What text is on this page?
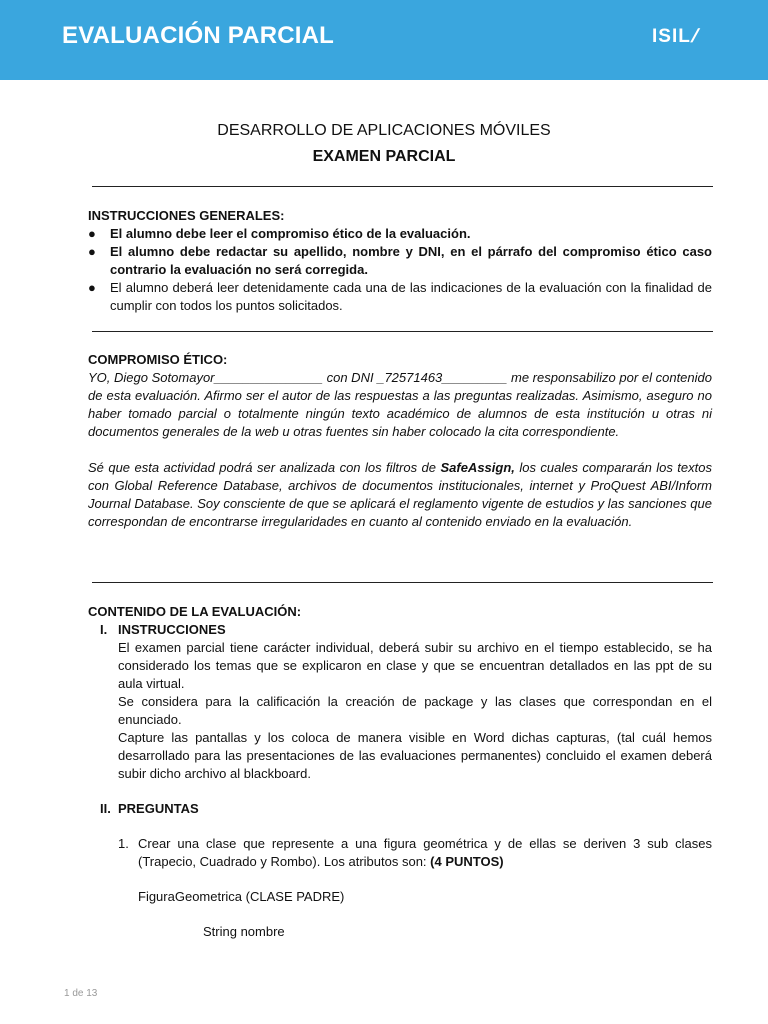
EVALUACIÓN PARCIAL	ISIL/
DESARROLLO DE APLICACIONES MÓVILES
EXAMEN PARCIAL
INSTRUCCIONES GENERALES:
● El alumno debe leer el compromiso ético de la evaluación.
● El alumno debe redactar su apellido, nombre y DNI, en el párrafo del compromiso ético caso contrario la evaluación no será corregida.
● El alumno deberá leer detenidamente cada una de las indicaciones de la evaluación con la finalidad de cumplir con todos los puntos solicitados.
COMPROMISO ÉTICO:
YO, Diego Sotomayor_______________ con DNI _72571463_________ me responsabilizo por el contenido de esta evaluación. Afirmo ser el autor de las respuestas a las preguntas realizadas. Asimismo, aseguro no haber tomado parcial o totalmente ningún texto académico de alumnos de esta institución u otras ni documentos generales de la web u otras fuentes sin haber colocado la cita correspondiente.
Sé que esta actividad podrá ser analizada con los filtros de SafeAssign, los cuales compararán los textos con Global Reference Database, archivos de documentos institucionales, internet y ProQuest ABI/Inform Journal Database. Soy consciente de que se aplicará el reglamento vigente de estudios y las sanciones que correspondan de encontrarse irregularidades en cuanto al contenido enviado en la evaluación.
CONTENIDO DE LA EVALUACIÓN:
I. INSTRUCCIONES
El examen parcial tiene carácter individual, deberá subir su archivo en el tiempo establecido, se ha considerado los temas que se explicaron en clase y que se encuentran detallados en las ppt de su aula virtual.
Se considera para la calificación la creación de package y las clases que correspondan en el enunciado.
Capture las pantallas y los coloca de manera visible en Word dichas capturas, (tal cuál hemos desarrollado para las presentaciones de las evaluaciones permanentes) concluido el examen deberá subir dicho archivo al blackboard.
II. PREGUNTAS
1. Crear una clase que represente a una figura geométrica y de ellas se deriven 3 sub clases (Trapecio, Cuadrado y Rombo). Los atributos son: (4 PUNTOS)
FiguraGeometrica (CLASE PADRE)
String nombre
1 de 13
